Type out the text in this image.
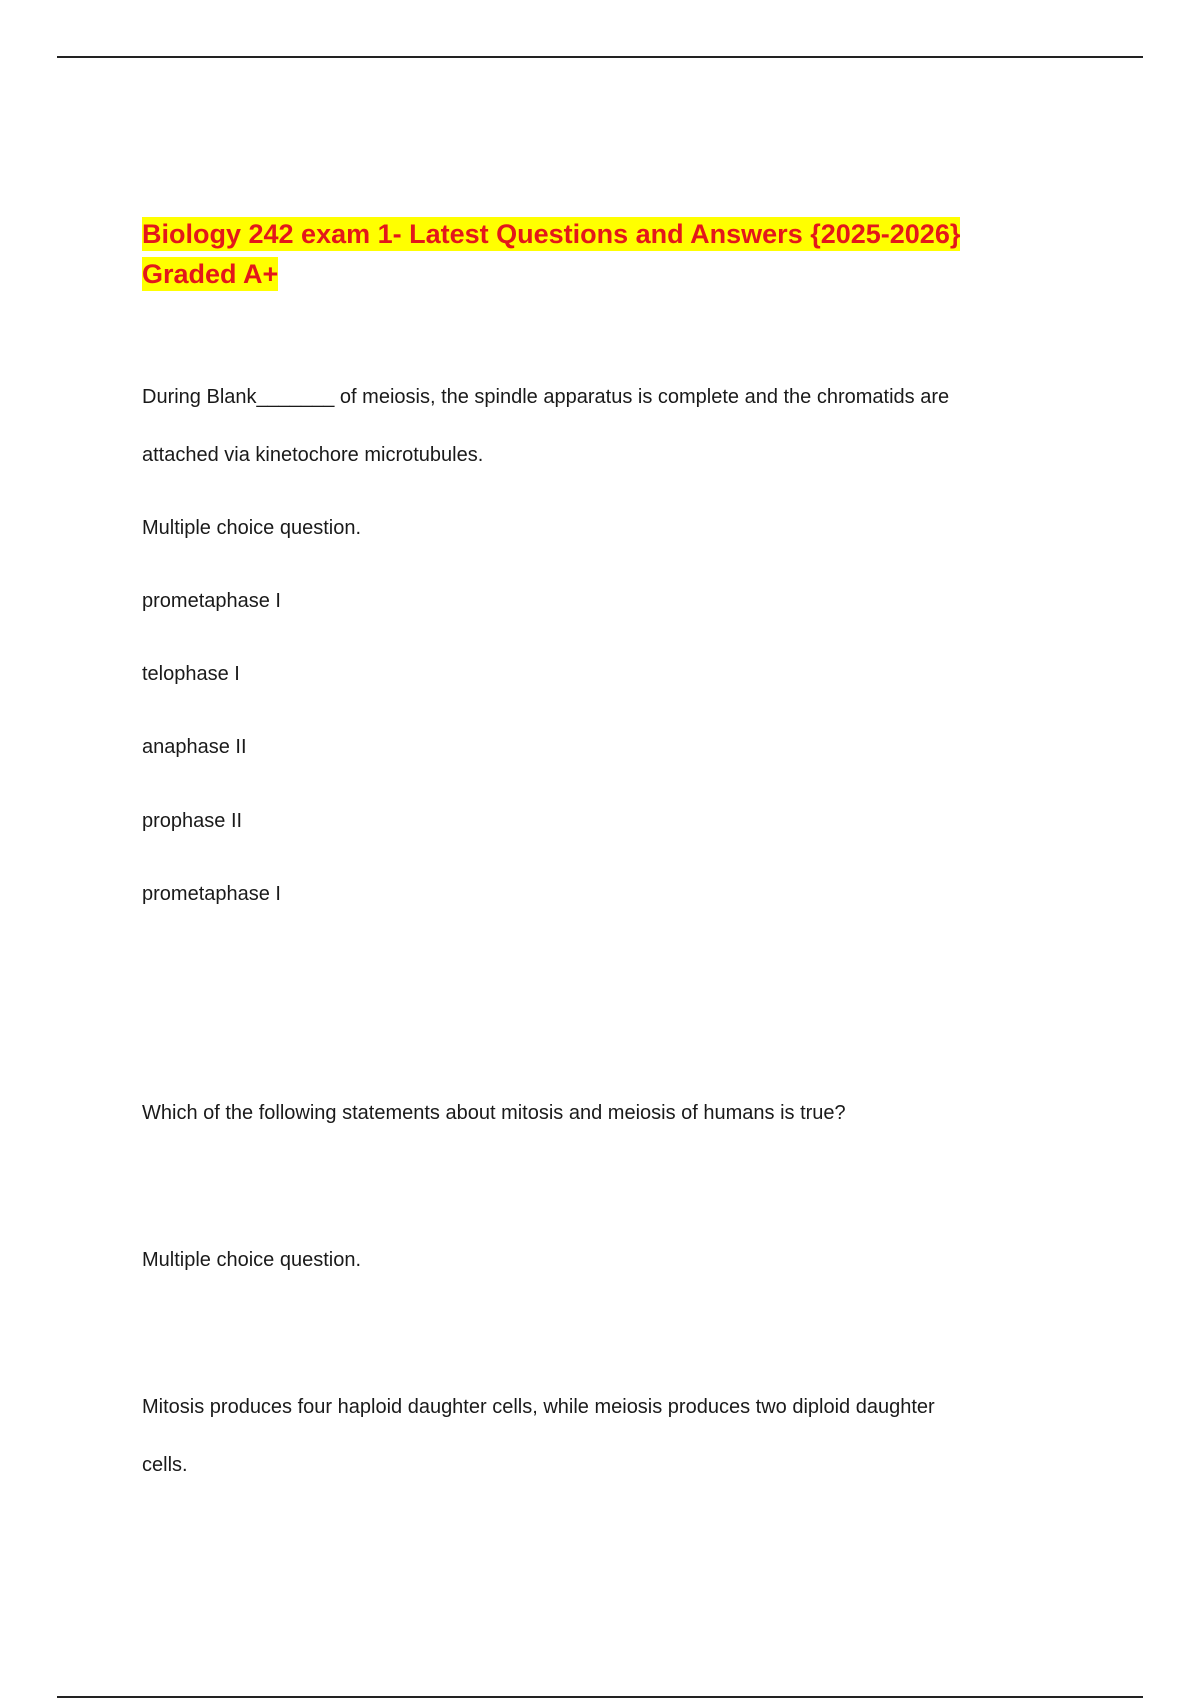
Biology 242 exam 1- Latest Questions and Answers {2025-2026} Graded A+

During Blank_______ of meiosis, the spindle apparatus is complete and the chromatids are

attached via kinetochore microtubules.

Multiple choice question.

prometaphase I

telophase I

anaphase II

prophase II

prometaphase I

Which of the following statements about mitosis and meiosis of humans is true?

Multiple choice question.

Mitosis produces four haploid daughter cells, while meiosis produces two diploid daughter

cells.
